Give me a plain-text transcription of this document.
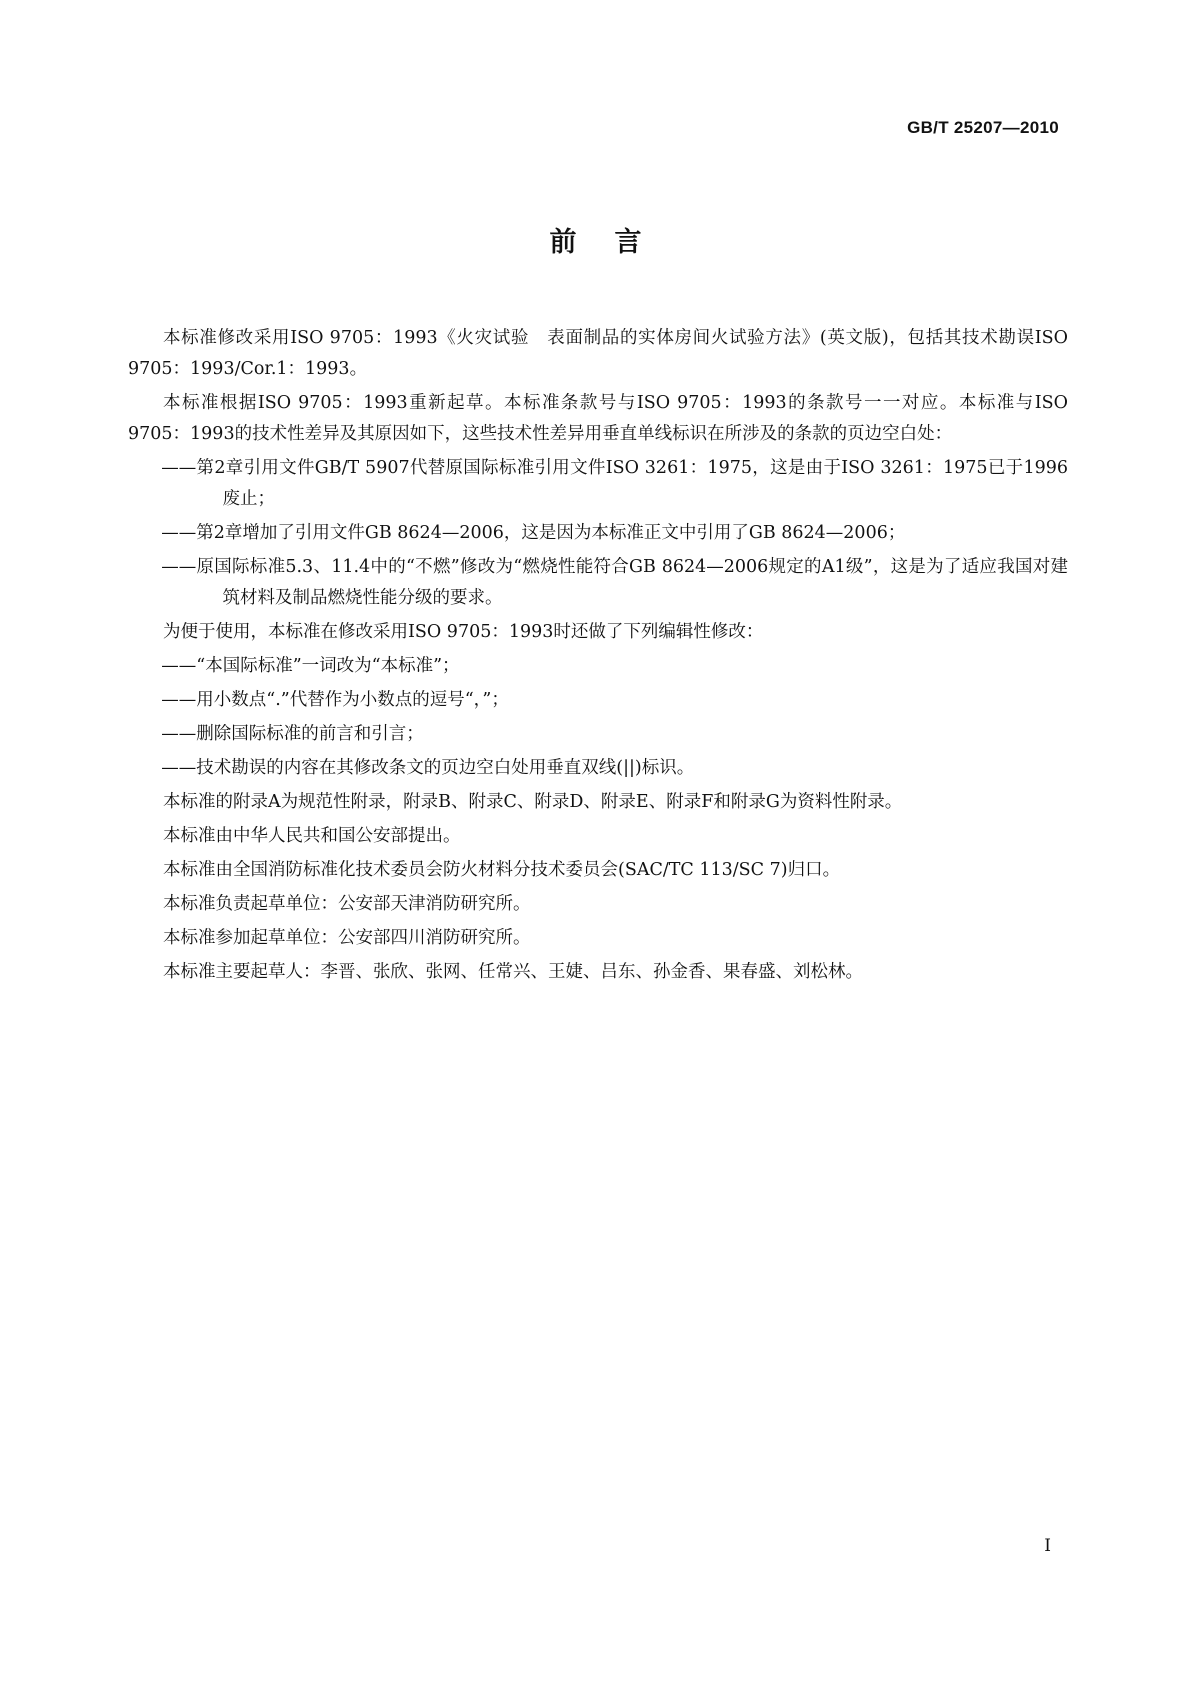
GB/T 25207—2010
前言

本标准修改采用ISO 9705：1993《火灾试验　表面制品的实体房间火试验方法》(英文版)，包括其技术勘误ISO 9705：1993/Cor.1：1993。

本标准根据ISO 9705：1993重新起草。本标准条款号与ISO 9705：1993的条款号一一对应。本标准与ISO 9705：1993的技术性差异及其原因如下，这些技术性差异用垂直单线标识在所涉及的条款的页边空白处：

——第2章引用文件GB/T 5907代替原国际标准引用文件ISO 3261：1975，这是由于ISO 3261：1975已于1996废止；

——第2章增加了引用文件GB 8624—2006，这是因为本标准正文中引用了GB 8624—2006；

——原国际标准5.3、11.4中的“不燃”修改为“燃烧性能符合GB 8624—2006规定的A1级”，这是为了适应我国对建筑材料及制品燃烧性能分级的要求。

为便于使用，本标准在修改采用ISO 9705：1993时还做了下列编辑性修改：

——“本国际标准”一词改为“本标准”；

——用小数点“.”代替作为小数点的逗号“，”；

——删除国际标准的前言和引言；

——技术勘误的内容在其修改条文的页边空白处用垂直双线(||)标识。

本标准的附录A为规范性附录，附录B、附录C、附录D、附录E、附录F和附录G为资料性附录。

本标准由中华人民共和国公安部提出。

本标准由全国消防标准化技术委员会防火材料分技术委员会(SAC/TC 113/SC 7)归口。

本标准负责起草单位：公安部天津消防研究所。

本标准参加起草单位：公安部四川消防研究所。

本标准主要起草人：李晋、张欣、张网、任常兴、王婕、吕东、孙金香、果春盛、刘松林。

I
